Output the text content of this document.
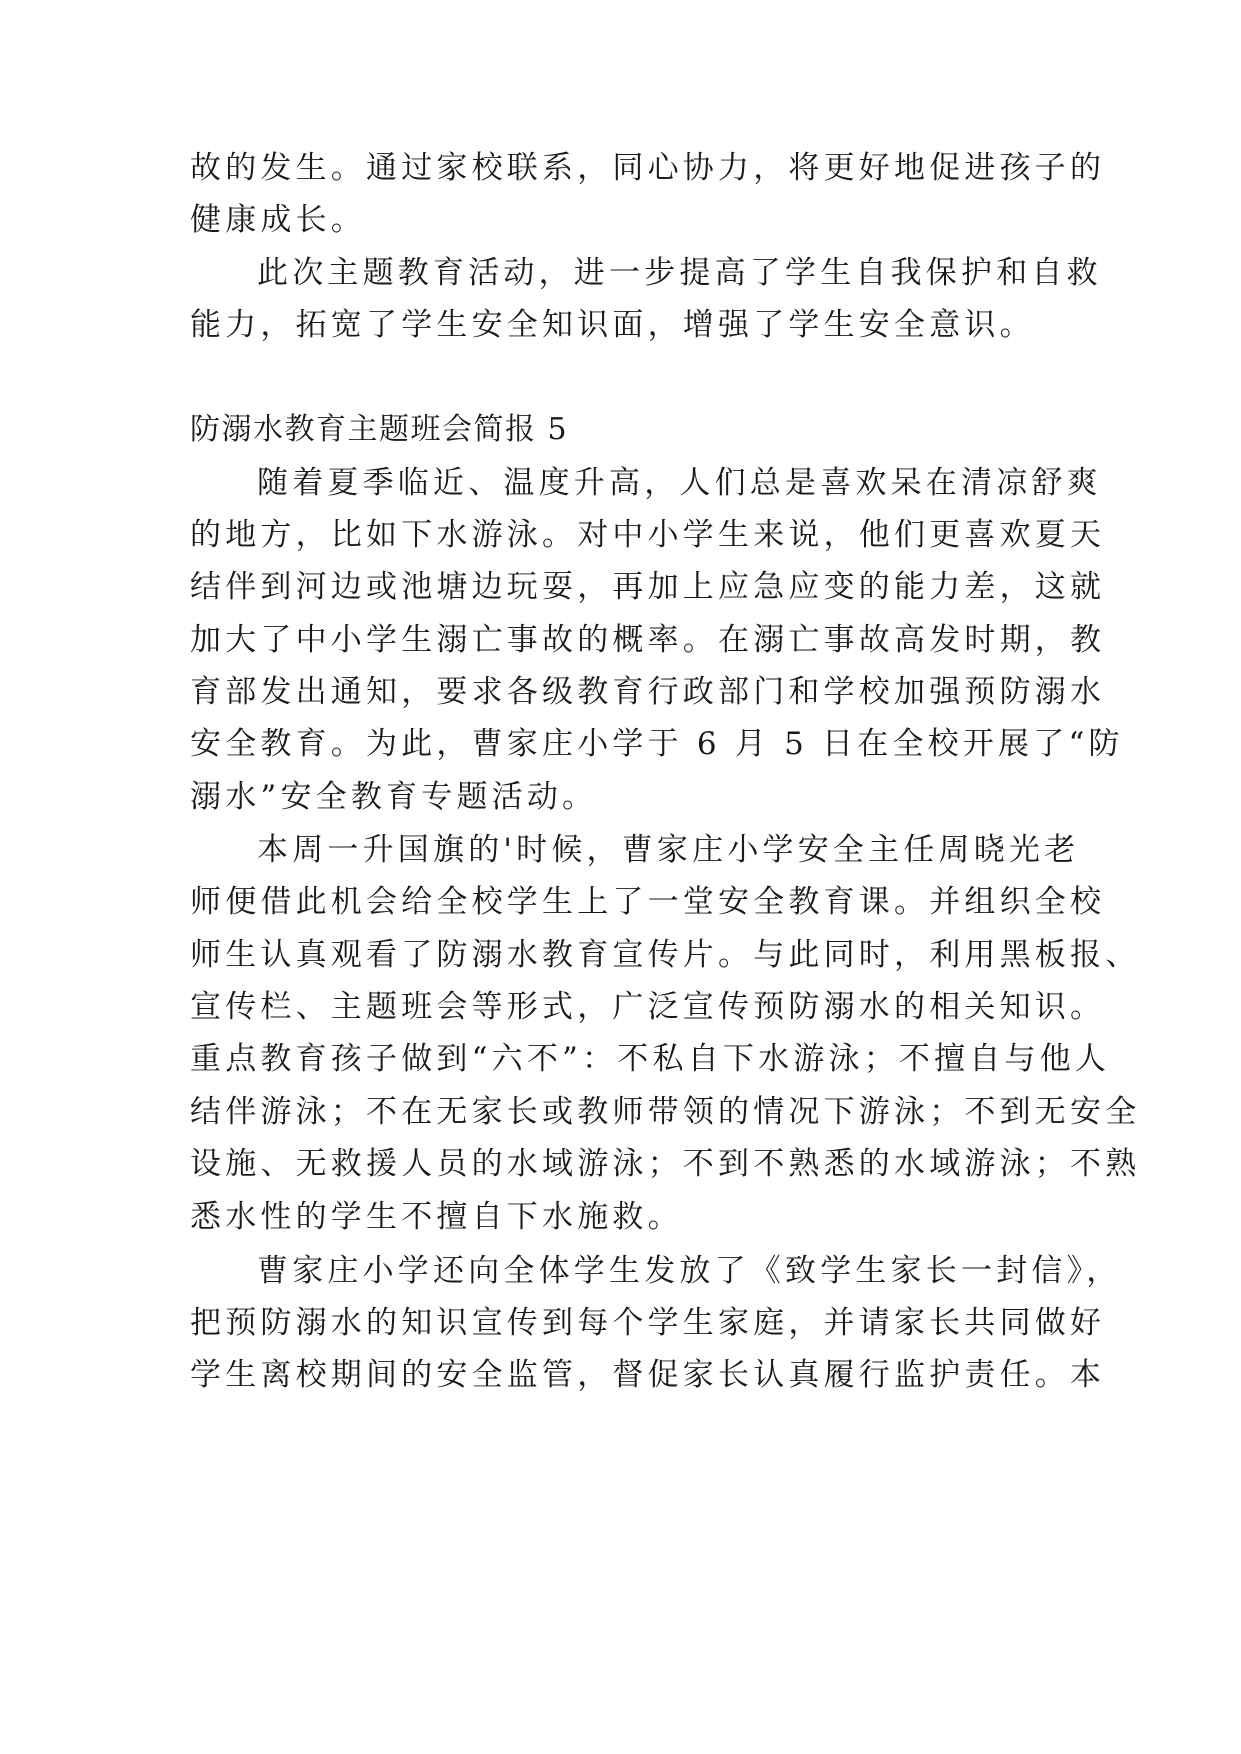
故的发生。通过家校联系，同心协力，将更好地促进孩子的
健康成长。
此次主题教育活动，进一步提高了学生自我保护和自救
能力，拓宽了学生安全知识面，增强了学生安全意识。
防溺水教育主题班会简报 5
随着夏季临近、温度升高，人们总是喜欢呆在清凉舒爽
的地方，比如下水游泳。对中小学生来说，他们更喜欢夏天
结伴到河边或池塘边玩耍，再加上应急应变的能力差，这就
加大了中小学生溺亡事故的概率。在溺亡事故高发时期，教
育部发出通知，要求各级教育行政部门和学校加强预防溺水
安全教育。为此，曹家庄小学于 6 月 5 日在全校开展了“防
溺水”安全教育专题活动。
本周一升国旗的'时候，曹家庄小学安全主任周晓光老
师便借此机会给全校学生上了一堂安全教育课。并组织全校
师生认真观看了防溺水教育宣传片。与此同时，利用黑板报、
宣传栏、主题班会等形式，广泛宣传预防溺水的相关知识。
重点教育孩子做到“六不”：不私自下水游泳；不擅自与他人
结伴游泳；不在无家长或教师带领的情况下游泳；不到无安全
设施、无救援人员的水域游泳；不到不熟悉的水域游泳；不熟
悉水性的学生不擅自下水施救。
曹家庄小学还向全体学生发放了《致学生家长一封信》，
把预防溺水的知识宣传到每个学生家庭，并请家长共同做好
学生离校期间的安全监管，督促家长认真履行监护责任。本
